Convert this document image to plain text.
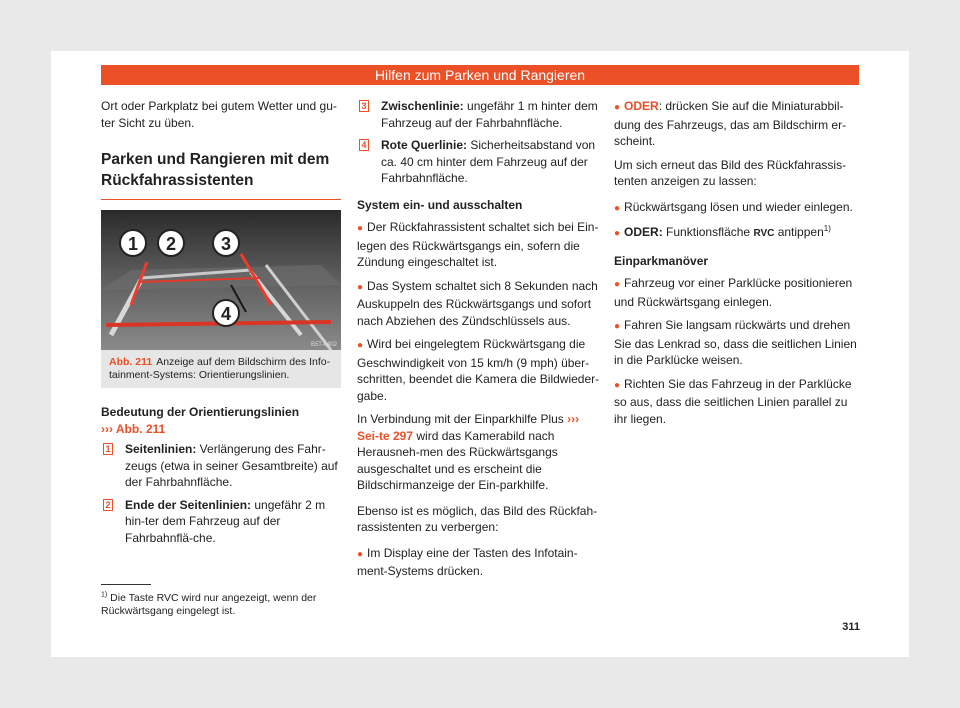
Hilfen zum Parken und Rangieren

Ort oder Parkplatz bei gutem Wetter und gu-ter Sicht zu üben.

Parken und Rangieren mit dem Rückfahrassistenten
1 2 3
4
B5T-0402
Abb. 211 Anzeige auf dem Bildschirm des Info-tainment-Systems: Orientierungslinien.
Bedeutung der Orientierungslinien
››› Abb. 211
1 Seitenlinien: Verlängerung des Fahr-zeugs (etwa in seiner Gesamtbreite) auf der Fahrbahnfläche.
2 Ende der Seitenlinien: ungefähr 2 m hin-ter dem Fahrzeug auf der Fahrbahnflä-che.
3 Zwischenlinie: ungefähr 1 m hinter dem Fahrzeug auf der Fahrbahnfläche.
4 Rote Querlinie: Sicherheitsabstand von ca. 40 cm hinter dem Fahrzeug auf der Fahrbahnfläche.
System ein- und ausschalten
● Der Rückfahrassistent schaltet sich bei Ein-legen des Rückwärtsgangs ein, sofern die Zündung eingeschaltet ist.
● Das System schaltet sich 8 Sekunden nach Auskuppeln des Rückwärtsgangs und sofort nach Abziehen des Zündschlüssels aus.
● Wird bei eingelegtem Rückwärtsgang die Geschwindigkeit von 15 km/h (9 mph) über-schritten, beendet die Kamera die Bildwieder-gabe.

In Verbindung mit der Einparkhilfe Plus ››› Sei-te 297 wird das Kamerabild nach Herausneh-men des Rückwärtsgangs ausgeschaltet und es erscheint die Bildschirmanzeige der Ein-parkhilfe.

Ebenso ist es möglich, das Bild des Rückfah-rassistenten zu verbergen:

● Im Display eine der Tasten des Infotain-ment-Systems drücken.
● ODER: drücken Sie auf die Miniaturabbil-dung des Fahrzeugs, das am Bildschirm er-scheint.

Um sich erneut das Bild des Rückfahrassis-tenten anzeigen zu lassen:

● Rückwärtsgang lösen und wieder einlegen.
● ODER: Funktionsfläche RVC antippen$^{1)}$
Einparkmanöver
● Fahrzeug vor einer Parklücke positionieren und Rückwärtsgang einlegen.
● Fahren Sie langsam rückwärts und drehen Sie das Lenkrad so, dass die seitlichen Linien in die Parklücke weisen.
● Richten Sie das Fahrzeug in der Parklücke so aus, dass die seitlichen Linien parallel zu ihr liegen.
$^{1)}$ Die Taste RVC wird nur angezeigt, wenn der Rückwärtsgang eingelegt ist.
311
